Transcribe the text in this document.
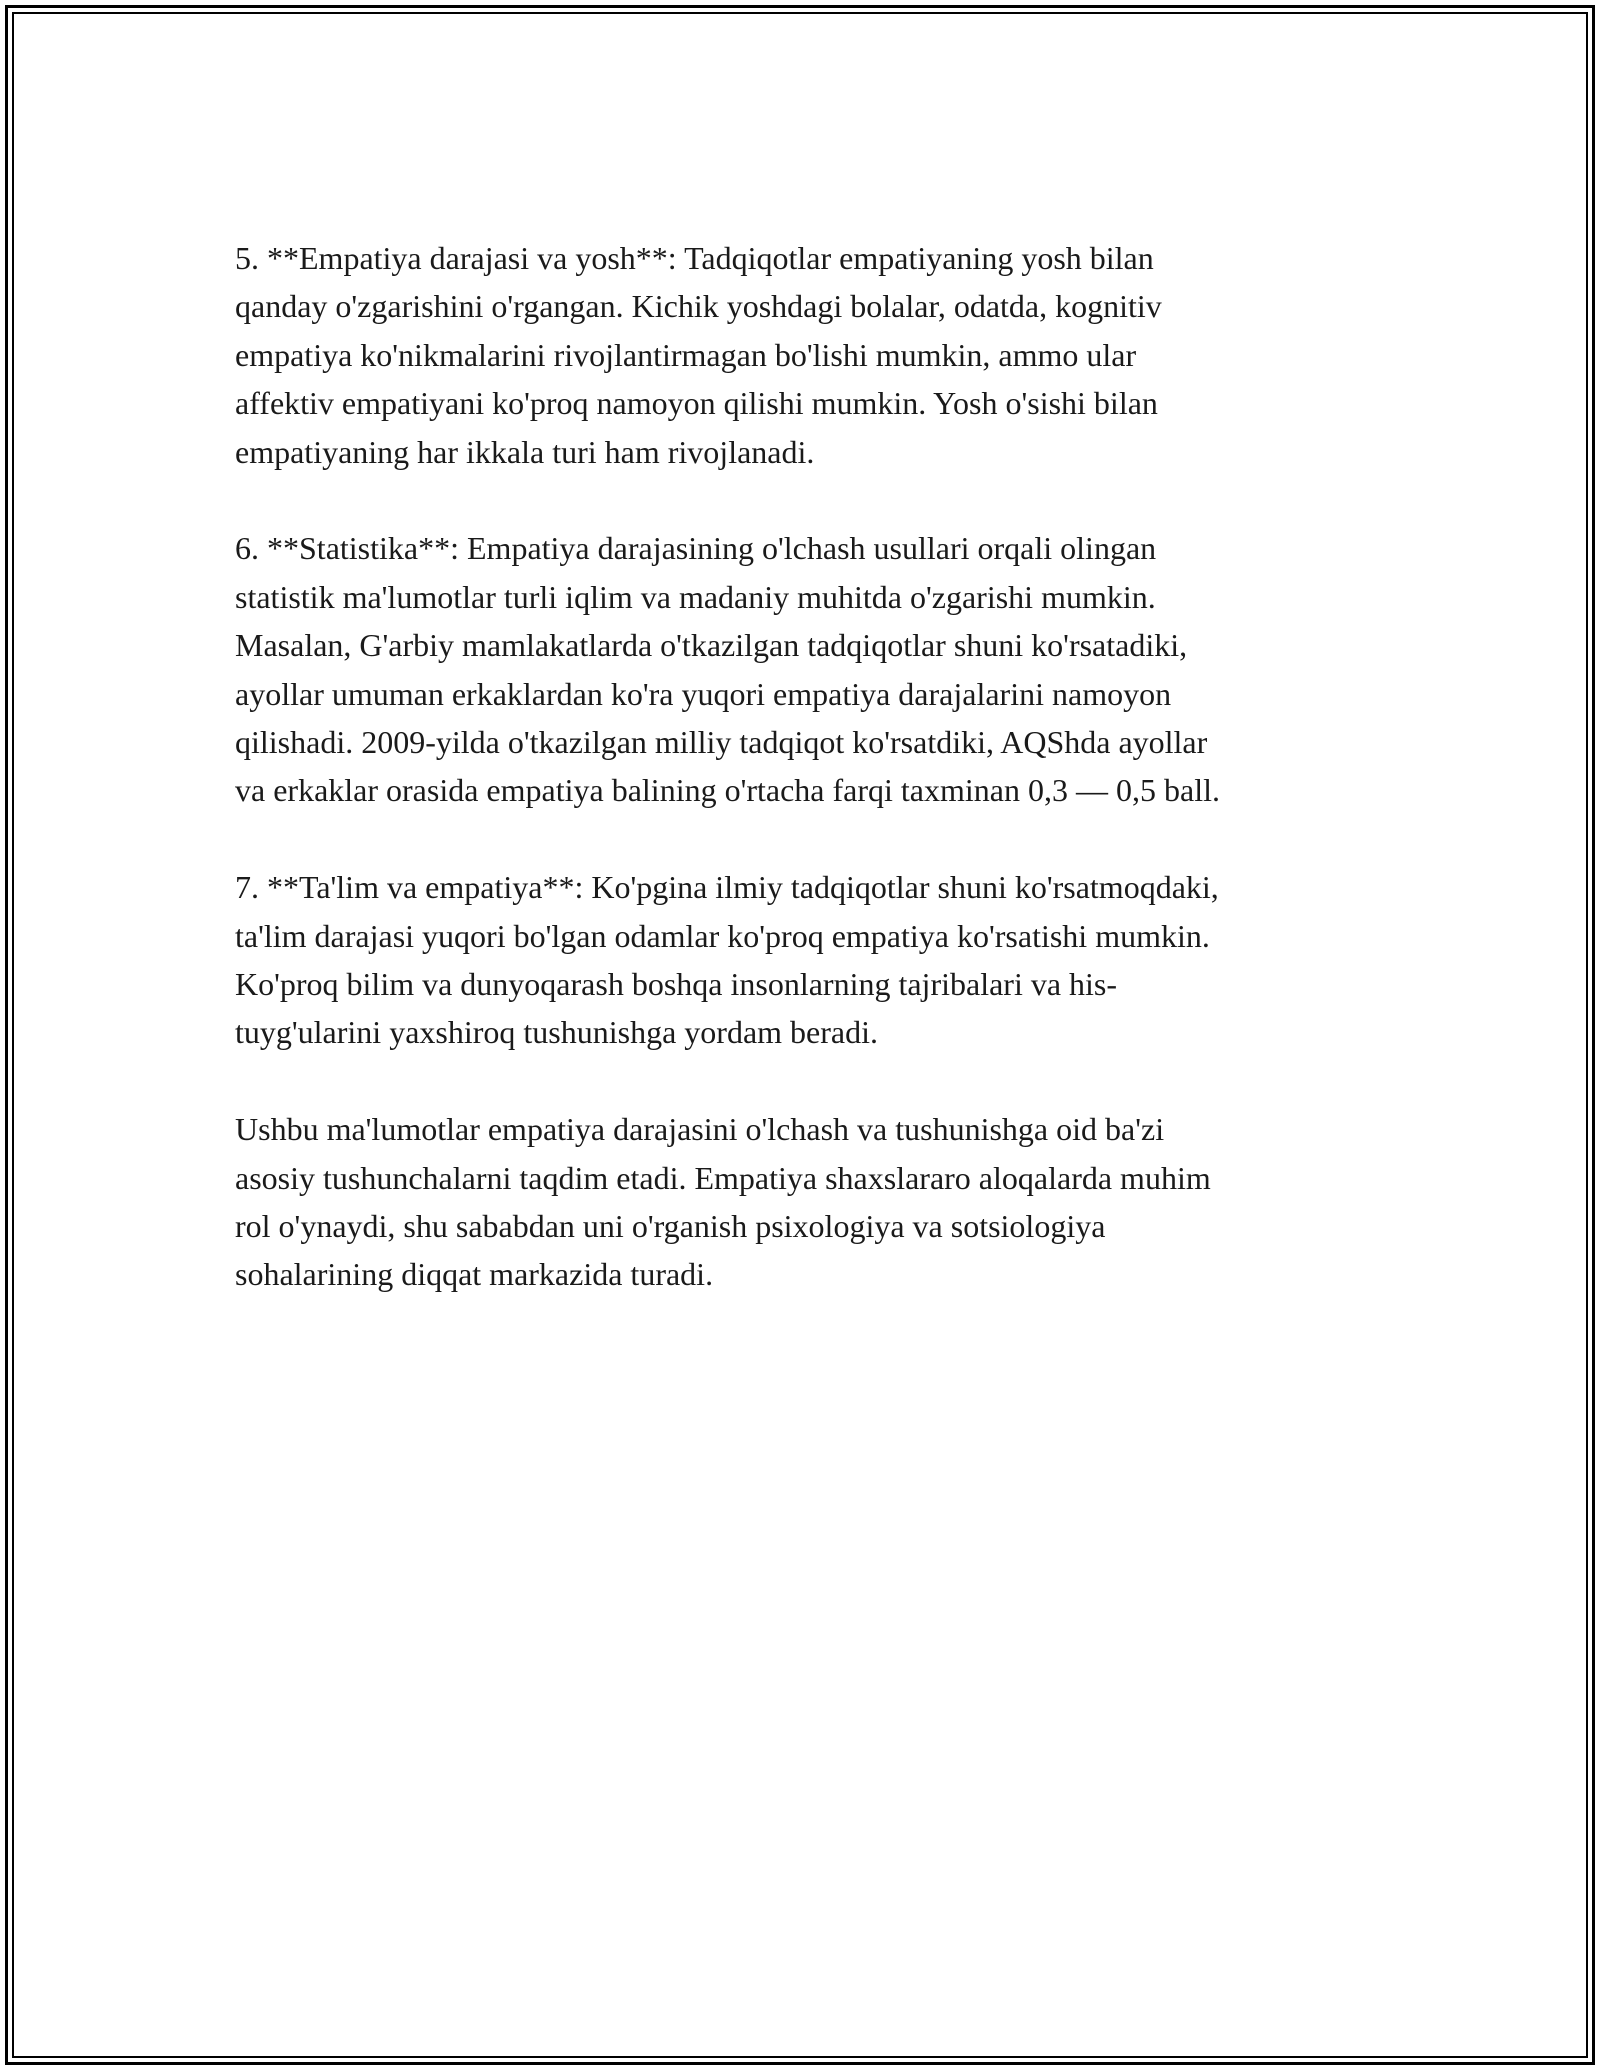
5. **Empatiya darajasi va yosh**: Tadqiqotlar empatiyaning yosh bilan
qanday o'zgarishini o'rgangan. Kichik yoshdagi bolalar, odatda, kognitiv
empatiya ko'nikmalarini rivojlantirmagan bo'lishi mumkin, ammo ular
affektiv empatiyani ko'proq namoyon qilishi mumkin. Yosh o'sishi bilan
empatiyaning har ikkala turi ham rivojlanadi.

6. **Statistika**: Empatiya darajasining o'lchash usullari orqali olingan
statistik ma'lumotlar turli iqlim va madaniy muhitda o'zgarishi mumkin.
Masalan, G'arbiy mamlakatlarda o'tkazilgan tadqiqotlar shuni ko'rsatadiki,
ayollar umuman erkaklardan ko'ra yuqori empatiya darajalarini namoyon
qilishadi. 2009-yilda o'tkazilgan milliy tadqiqot ko'rsatdiki, AQShda ayollar
va erkaklar orasida empatiya balining o'rtacha farqi taxminan 0,3 — 0,5 ball.

7. **Ta'lim va empatiya**: Ko'pgina ilmiy tadqiqotlar shuni ko'rsatmoqdaki,
ta'lim darajasi yuqori bo'lgan odamlar ko'proq empatiya ko'rsatishi mumkin.
Ko'proq bilim va dunyoqarash boshqa insonlarning tajribalari va his-
tuyg'ularini yaxshiroq tushunishga yordam beradi.

Ushbu ma'lumotlar empatiya darajasini o'lchash va tushunishga oid ba'zi
asosiy tushunchalarni taqdim etadi. Empatiya shaxslararo aloqalarda muhim
rol o'ynaydi, shu sababdan uni o'rganish psixologiya va sotsiologiya
sohalarining diqqat markazida turadi.
